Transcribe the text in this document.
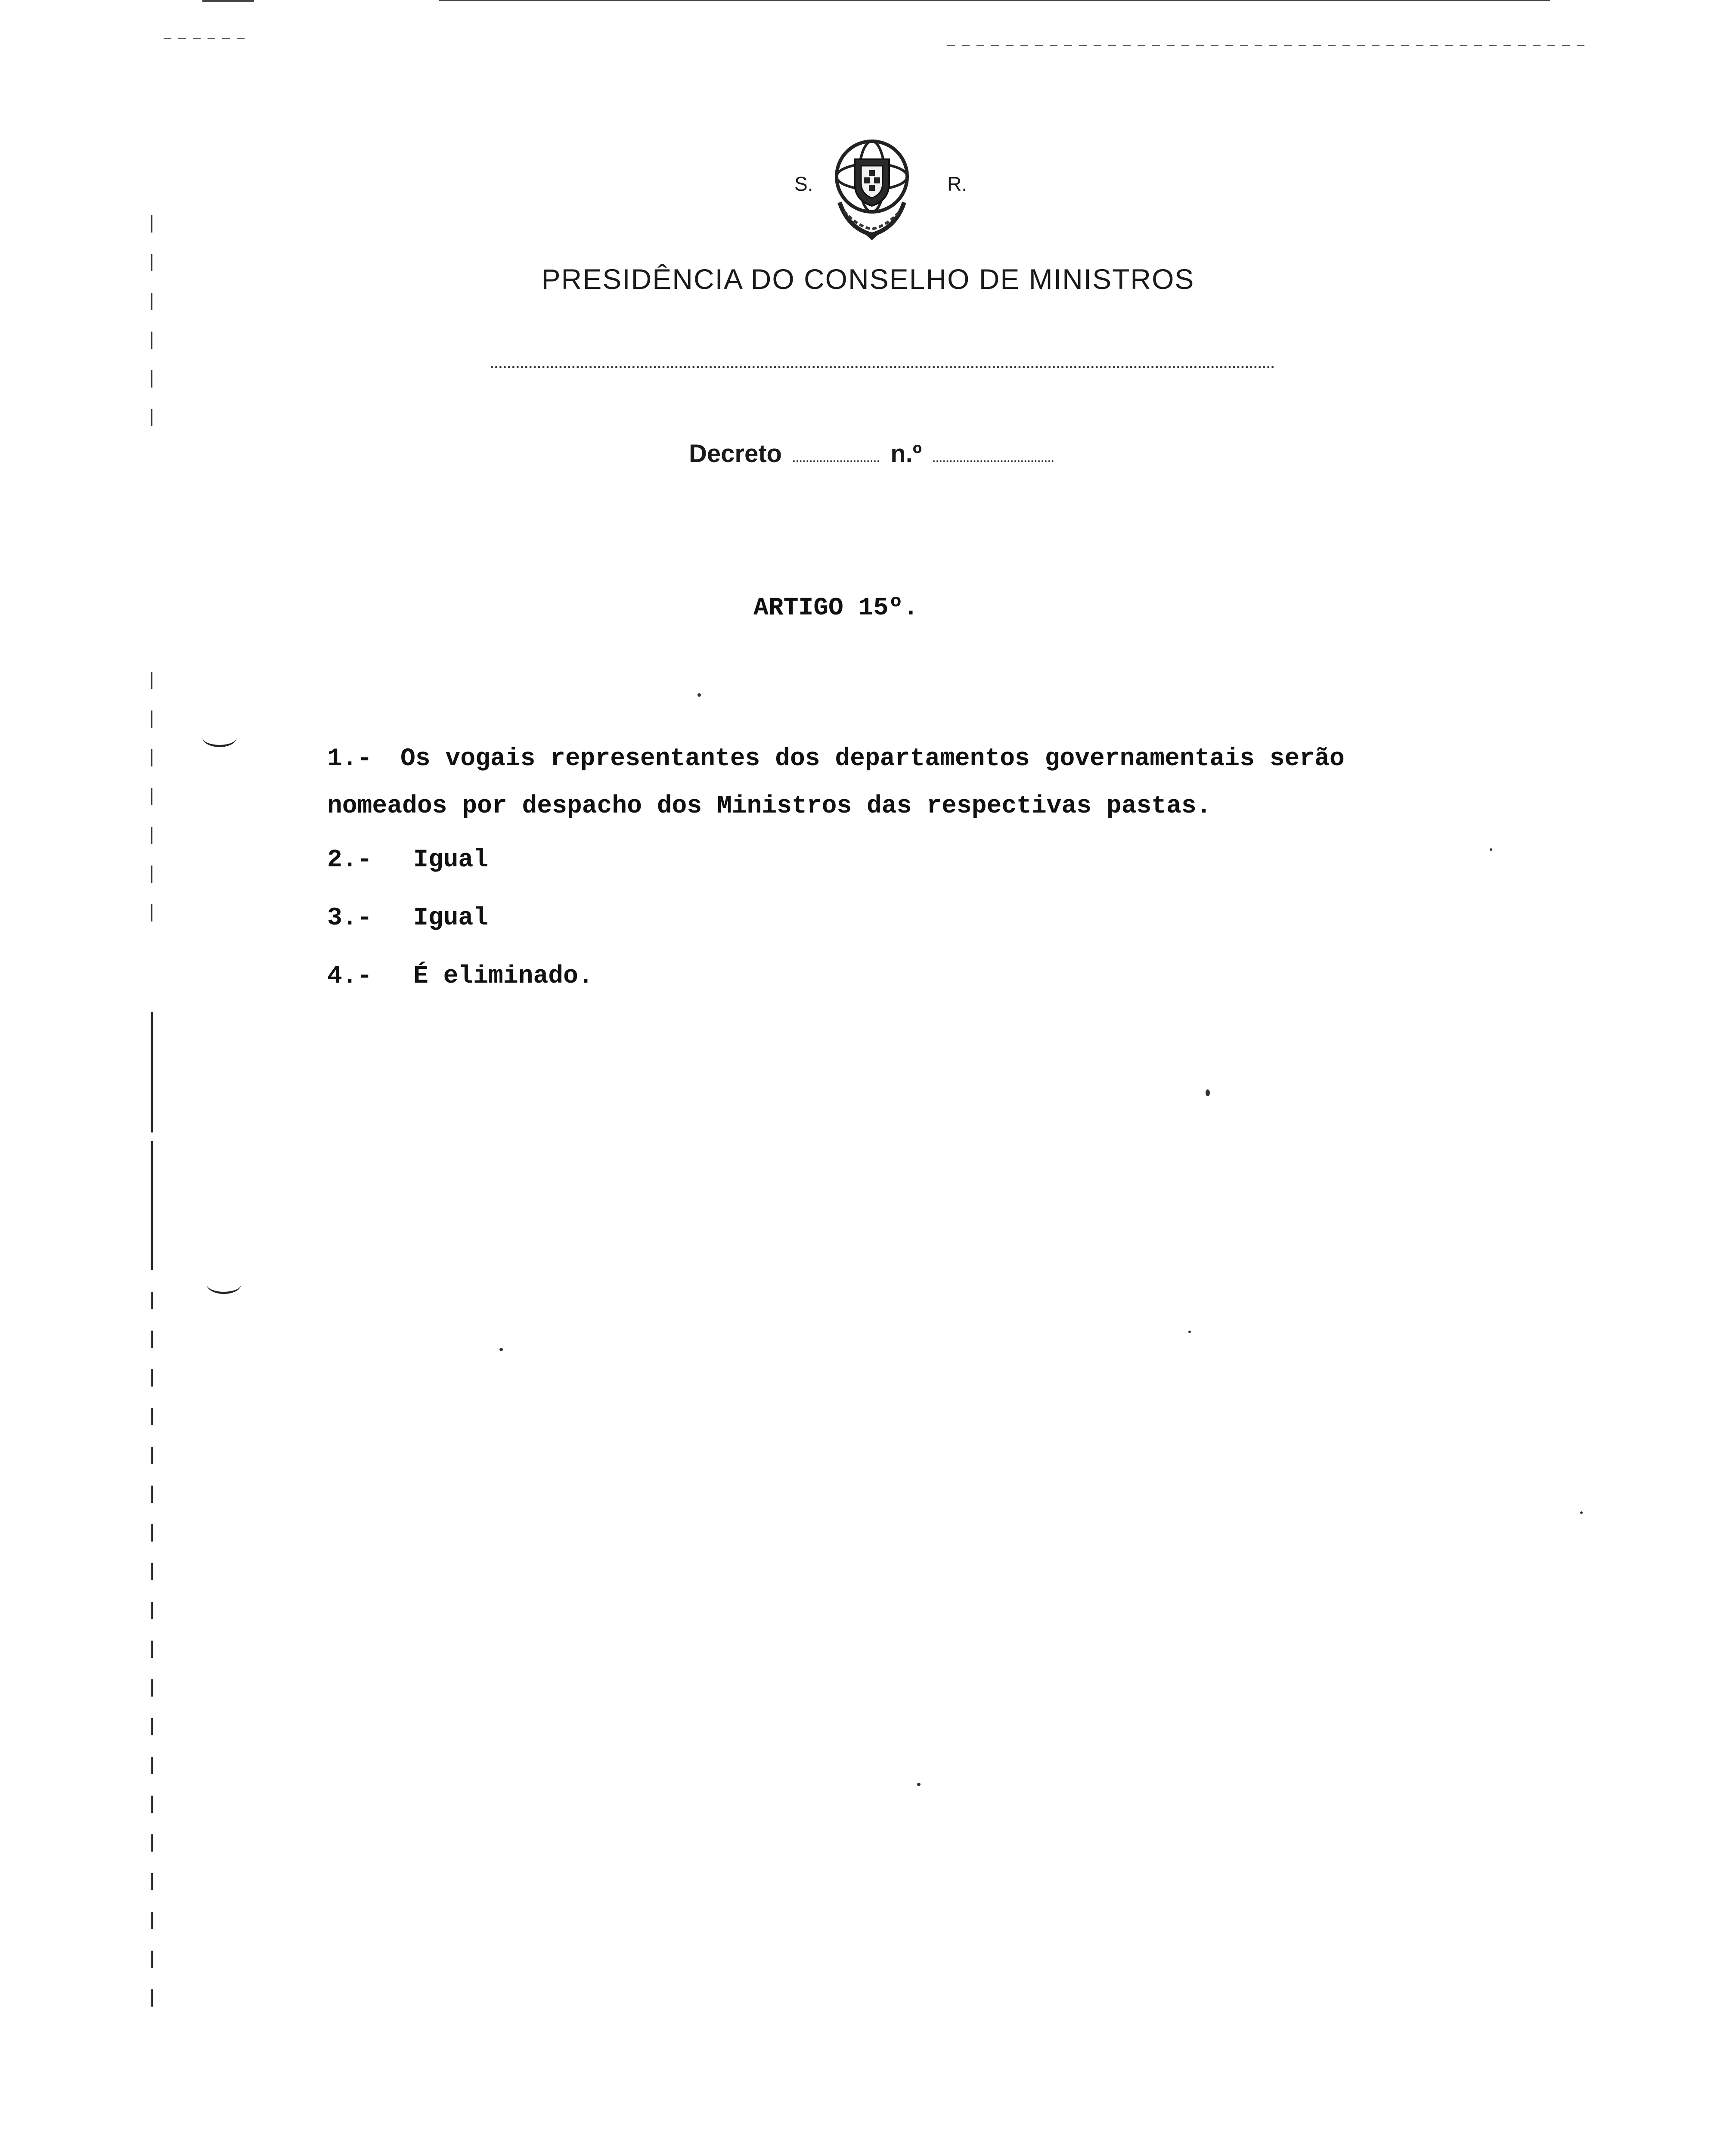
S.	R.
PRESIDÊNCIA DO CONSELHO DE MINISTROS
Decreto	n.º
ARTIGO 15º.
1.- Os vogais representantes dos departamentos governamentais serão
nomeados por despacho dos Ministros das respectivas pastas.
2.- Igual
3.- Igual
4.- É eliminado.
